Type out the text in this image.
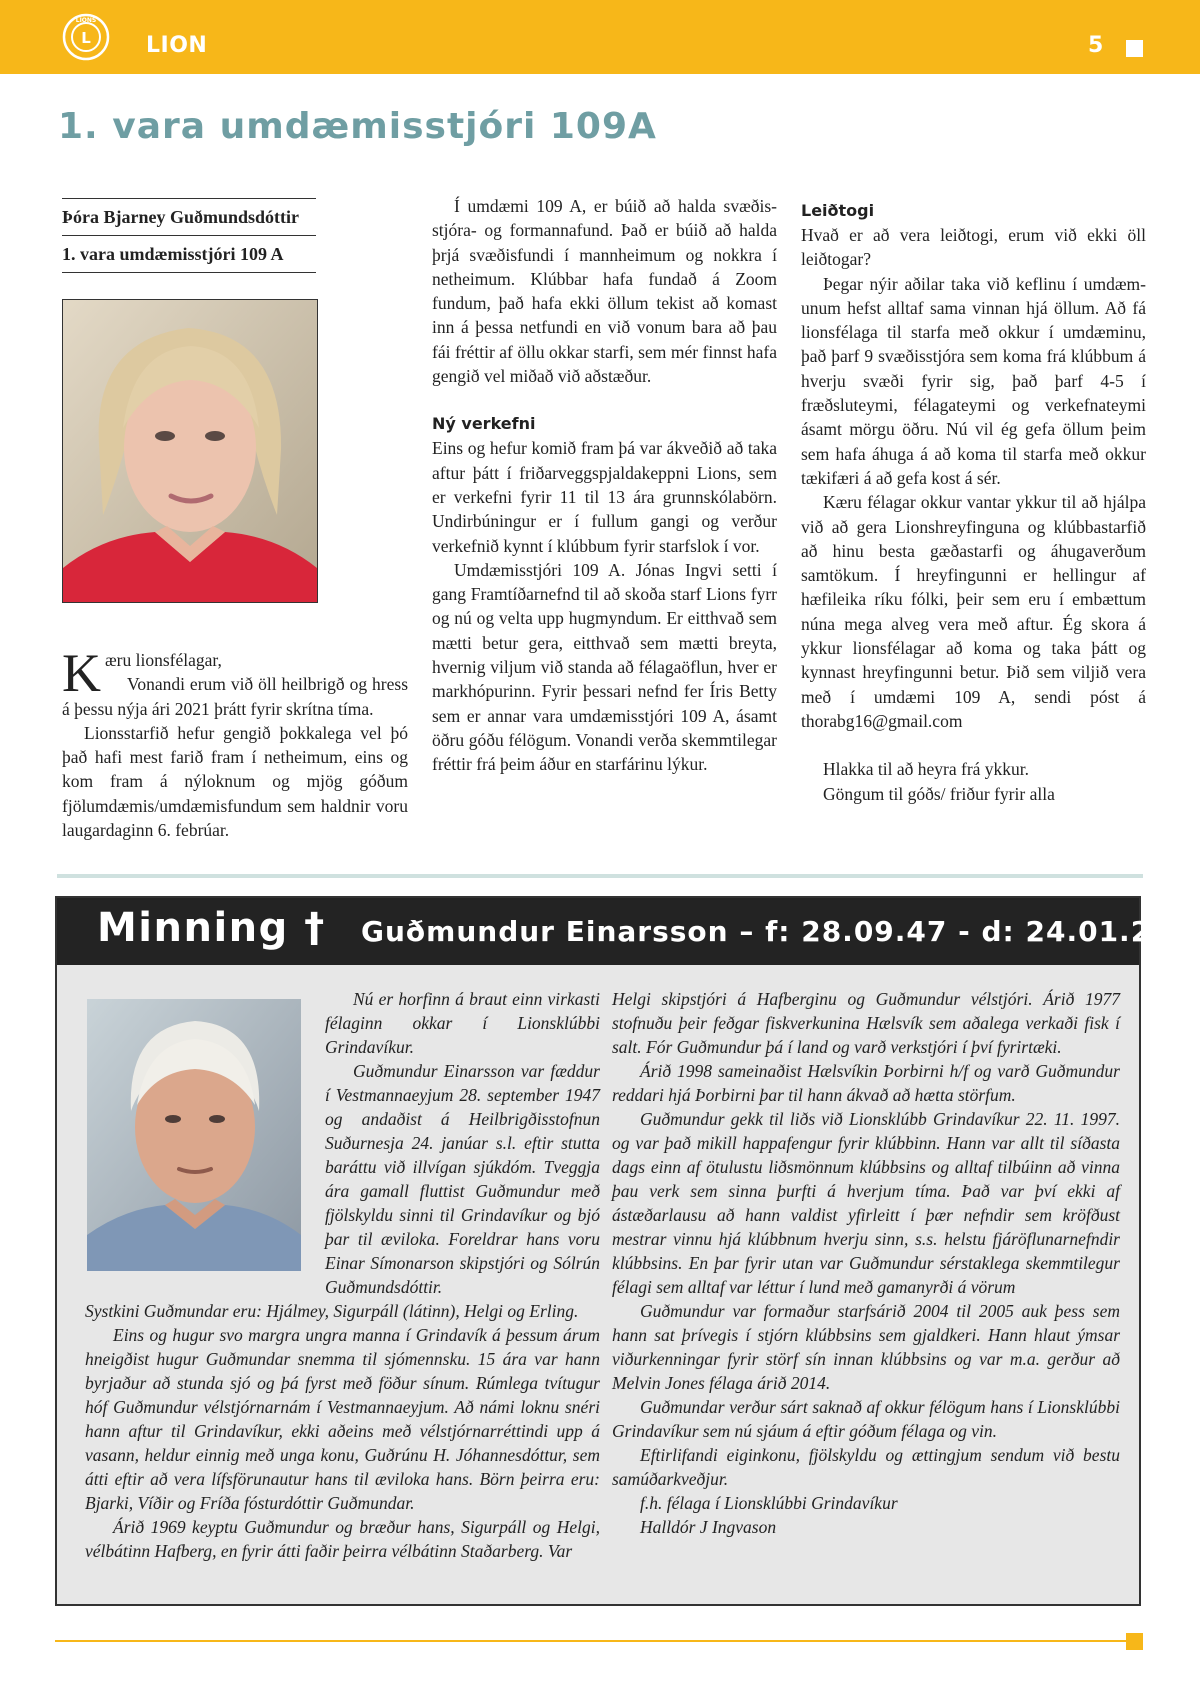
L
LIONS
LION	5
1. vara umdæmisstjóri 109A
Þóra Bjarney Guðmundsdóttir
1. vara umdæmisstjóri 109 A

Kæru lionsfélagar,

Vonandi erum við öll heilbrigð og hress á þessu nýja ári 2021 þrátt fyrir skrítna tíma.

Lionsstarfið hefur gengið þokkalega vel þó það hafi mest farið fram í netheimum, eins og kom fram á nýloknum og mjög góðum fjölumdæmis/umdæmisfundum sem haldnir voru laugardaginn 6. febrúar.

Í umdæmi 109 A, er búið að halda svæðisstjóra- og formannafund. Það er búið að halda þrjá svæðisfundi í mannheimum og nokkra í netheimum. Klúbbar hafa fundað á Zoom fundum, það hafa ekki öllum tekist að komast inn á þessa netfundi en við vonum bara að þau fái fréttir af öllu okkar starfi, sem mér finnst hafa gengið vel miðað við aðstæður.

Ný verkefni

Eins og hefur komið fram þá var ákveðið að taka aftur þátt í friðarveggspjaldakeppni Lions, sem er verkefni fyrir 11 til 13 ára grunnskólabörn. Undirbúningur er í fullum gangi og verður verkefnið kynnt í klúbbum fyrir starfslok í vor.

Umdæmisstjóri 109 A. Jónas Ingvi setti í gang Framtíðarnefnd til að skoða starf Lions fyrr og nú og velta upp hugmyndum. Er eitthvað sem mætti betur gera, eitthvað sem mætti breyta, hvernig viljum við standa að félagaöflun, hver er markhópurinn. Fyrir þessari nefnd fer Íris Betty sem er annar vara umdæmisstjóri 109 A, ásamt öðru góðu félögum. Vonandi verða skemmtilegar fréttir frá þeim áður en starfárinu lýkur.

Leiðtogi

Hvað er að vera leiðtogi, erum við ekki öll leiðtogar?

Þegar nýir aðilar taka við keflinu í umdæmunum hefst alltaf sama vinnan hjá öllum. Að fá lionsfélaga til starfa með okkur í umdæminu, það þarf 9 svæðisstjóra sem koma frá klúbbum á hverju svæði fyrir sig, það þarf 4-5 í fræðsluteymi, félagateymi og verkefnateymi ásamt mörgu öðru. Nú vil ég gefa öllum þeim sem hafa áhuga á að koma til starfa með okkur tækifæri á að gefa kost á sér.

Kæru félagar okkur vantar ykkur til að hjálpa við að gera Lionshreyfinguna og klúbbastarfið að hinu besta gæðastarfi og áhugaverðum samtökum. Í hreyfingunni er hellingur af hæfileika ríku fólki, þeir sem eru í embættum núna mega alveg vera með aftur. Ég skora á ykkur lionsfélagar að koma og taka þátt og kynnast hreyfingunni betur. Þið sem viljið vera með í umdæmi 109 A, sendi póst á thorabg16@gmail.com

Hlakka til að heyra frá ykkur.

Göngum til góðs/ friður fyrir alla

Minning † Guðmundur Einarsson – f: 28.09.47 - d: 24.01.21

Nú er horfinn á braut einn virkasti félaginn okkar í Lionsklúbbi Grindavíkur.

Guðmundur Einarsson var fæddur í Vestmannaeyjum 28. september 1947 og andaðist á Heilbrigðisstofnun Suðurnesja 24. janúar s.l. eftir stutta baráttu við illvígan sjúkdóm. Tveggja ára gamall fluttist Guðmundur með fjölskyldu sinni til Grindavíkur og bjó þar til æviloka. Foreldrar hans voru Einar Símonarson skipstjóri og Sólrún Guðmundsdóttir.

Systkini Guðmundar eru: Hjálmey, Sigurpáll (látinn), Helgi og Erling.

Eins og hugur svo margra ungra manna í Grindavík á þessum árum hneigðist hugur Guðmundar snemma til sjómennsku. 15 ára var hann byrjaður að stunda sjó og þá fyrst með föður sínum. Rúmlega tvítugur hóf Guðmundur vélstjórnarnám í Vestmannaeyjum. Að námi loknu snéri hann aftur til Grindavíkur, ekki aðeins með vélstjórnarréttindi upp á vasann, heldur einnig með unga konu, Guðrúnu H. Jóhannesdóttur, sem átti eftir að vera lífsförunautur hans til æviloka hans. Börn þeirra eru: Bjarki, Víðir og Fríða fósturdóttir Guðmundar.

Árið 1969 keyptu Guðmundur og bræður hans, Sigurpáll og Helgi, vélbátinn Hafberg, en fyrir átti faðir þeirra vélbátinn Staðarberg. Var

Helgi skipstjóri á Hafberginu og Guðmundur vélstjóri. Árið 1977 stofnuðu þeir feðgar fiskverkunina Hælsvík sem aðalega verkaði fisk í salt. Fór Guðmundur þá í land og varð verkstjóri í því fyrirtæki.

Árið 1998 sameinaðist Hælsvíkin Þorbirni h/f og varð Guðmundur reddari hjá Þorbirni þar til hann ákvað að hætta störfum.

Guðmundur gekk til liðs við Lionsklúbb Grindavíkur 22. 11. 1997. og var það mikill happafengur fyrir klúbbinn. Hann var allt til síðasta dags einn af ötulustu liðsmönnum klúbbsins og alltaf tilbúinn að vinna þau verk sem sinna þurfti á hverjum tíma. Það var því ekki af ástæðarlausu að hann valdist yfirleitt í þær nefndir sem kröfðust mestrar vinnu hjá klúbbnum hverju sinn, s.s. helstu fjáröflunarnefndir klúbbsins. En þar fyrir utan var Guðmundur sérstaklega skemmtilegur félagi sem alltaf var léttur í lund með gamanyrði á vörum

Guðmundur var formaður starfsárið 2004 til 2005 auk þess sem hann sat þrívegis í stjórn klúbbsins sem gjaldkeri. Hann hlaut ýmsar viðurkenningar fyrir störf sín innan klúbbsins og var m.a. gerður að Melvin Jones félaga árið 2014.

Guðmundar verður sárt saknað af okkur félögum hans í Lionsklúbbi Grindavíkur sem nú sjáum á eftir góðum félaga og vin.

Eftirlifandi eiginkonu, fjölskyldu og ættingjum sendum við bestu samúðarkveðjur.

f.h. félaga í Lionsklúbbi Grindavíkur
Halldór J Ingvason
